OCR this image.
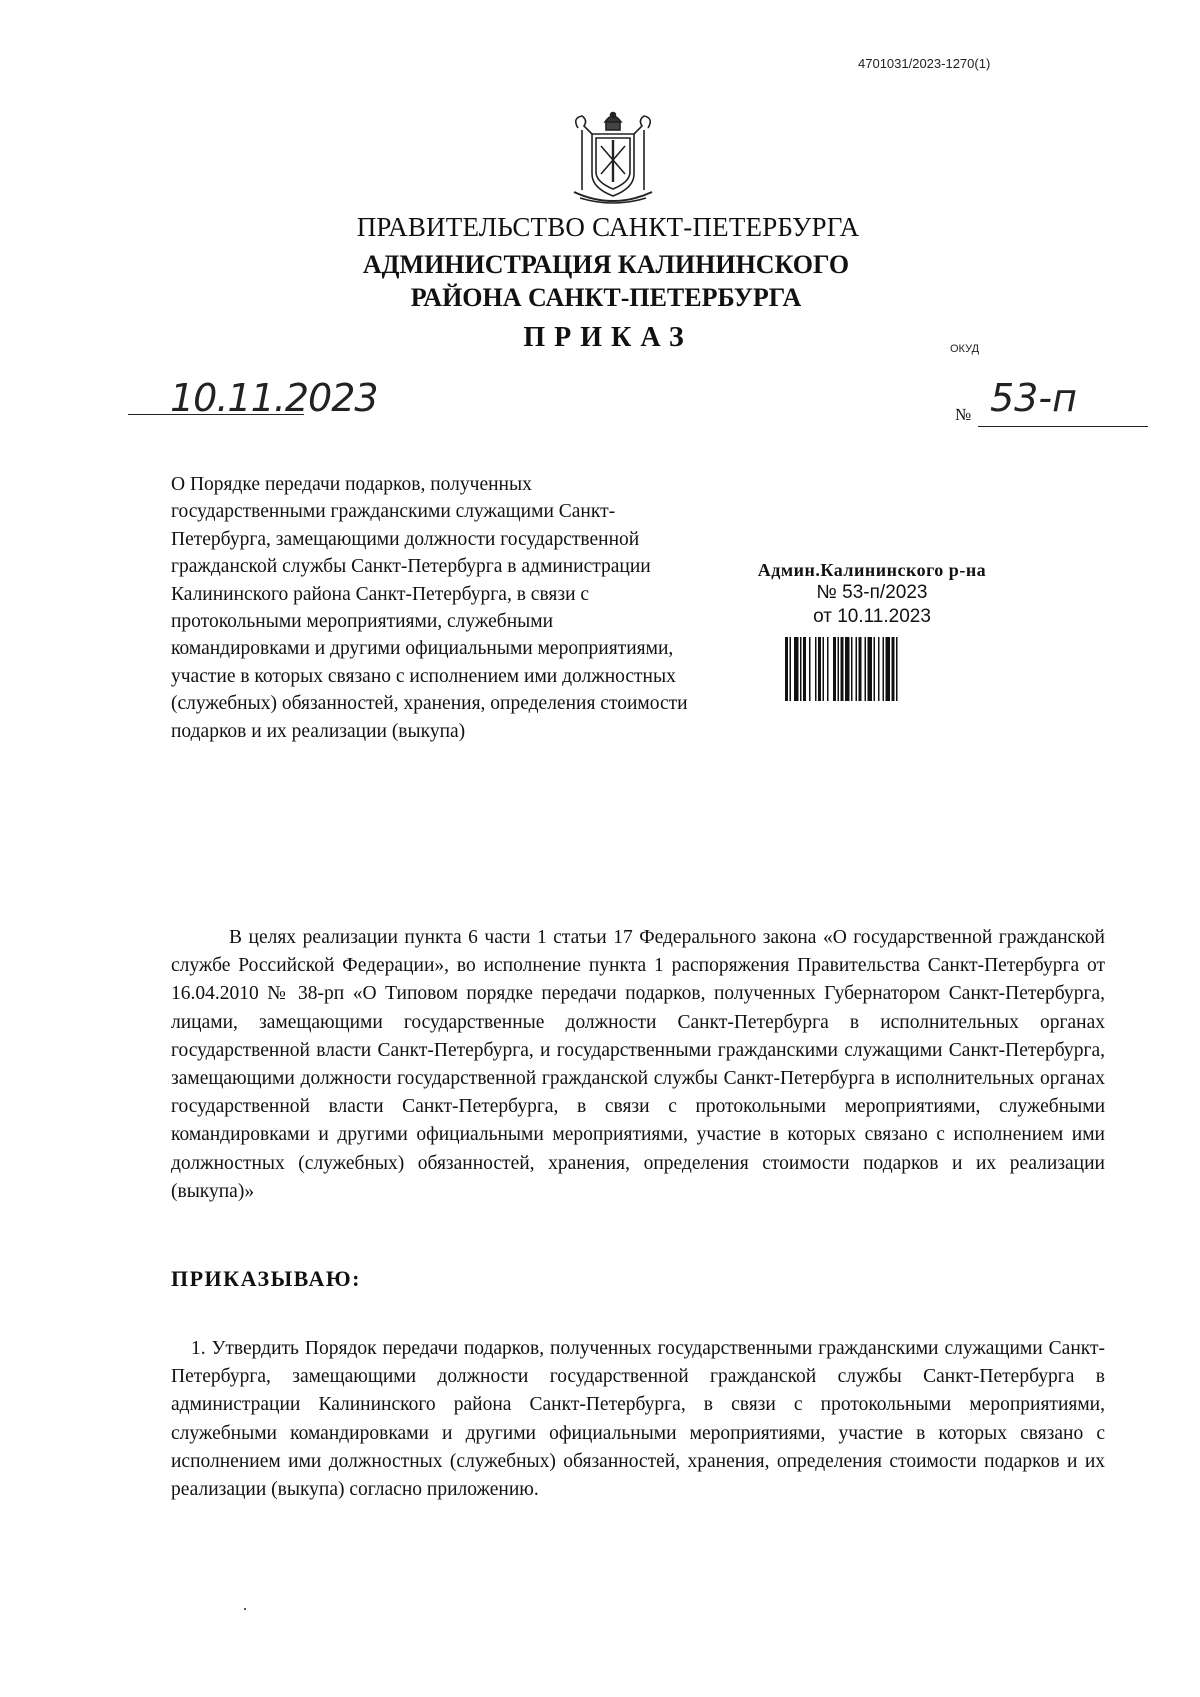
4701031/2023-1270(1)
ПРАВИТЕЛЬСТВО САНКТ-ПЕТЕРБУРГА
АДМИНИСТРАЦИЯ КАЛИНИНСКОГО
РАЙОНА САНКТ-ПЕТЕРБУРГА
ПРИКАЗ	ОКУД
10.11.2023	№ 53-п
О Порядке передачи подарков, полученных государственными гражданскими служащими Санкт-Петербурга, замещающими должности государственной гражданской службы Санкт-Петербурга в администрации Калининского района Санкт-Петербурга, в связи с протокольными мероприятиями, служебными командировками и другими официальными мероприятиями, участие в которых связано с исполнением ими должностных (служебных) обязанностей, хранения, определения стоимости подарков и их реализации (выкупа)
Админ.Калининского р-на
№ 53-п/2023
от 10.11.2023
В целях реализации пункта 6 части 1 статьи 17 Федерального закона «О государственной гражданской службе Российской Федерации», во исполнение пункта 1 распоряжения Правительства Санкт-Петербурга от 16.04.2010 № 38-рп «О Типовом порядке передачи подарков, полученных Губернатором Санкт-Петербурга, лицами, замещающими государственные должности Санкт-Петербурга в исполнительных органах государственной власти Санкт-Петербурга, и государственными гражданскими служащими Санкт-Петербурга, замещающими должности государственной гражданской службы Санкт-Петербурга в исполнительных органах государственной власти Санкт-Петербурга, в связи с протокольными мероприятиями, служебными командировками и другими официальными мероприятиями, участие в которых связано с исполнением ими должностных (служебных) обязанностей, хранения, определения стоимости подарков и их реализации (выкупа)»
ПРИКАЗЫВАЮ:
1. Утвердить Порядок передачи подарков, полученных государственными гражданскими служащими Санкт-Петербурга, замещающими должности государственной гражданской службы Санкт-Петербурга в администрации Калининского района Санкт-Петербурга, в связи с протокольными мероприятиями, служебными командировками и другими официальными мероприятиями, участие в которых связано с исполнением ими должностных (служебных) обязанностей, хранения, определения стоимости подарков и их реализации (выкупа) согласно приложению.
